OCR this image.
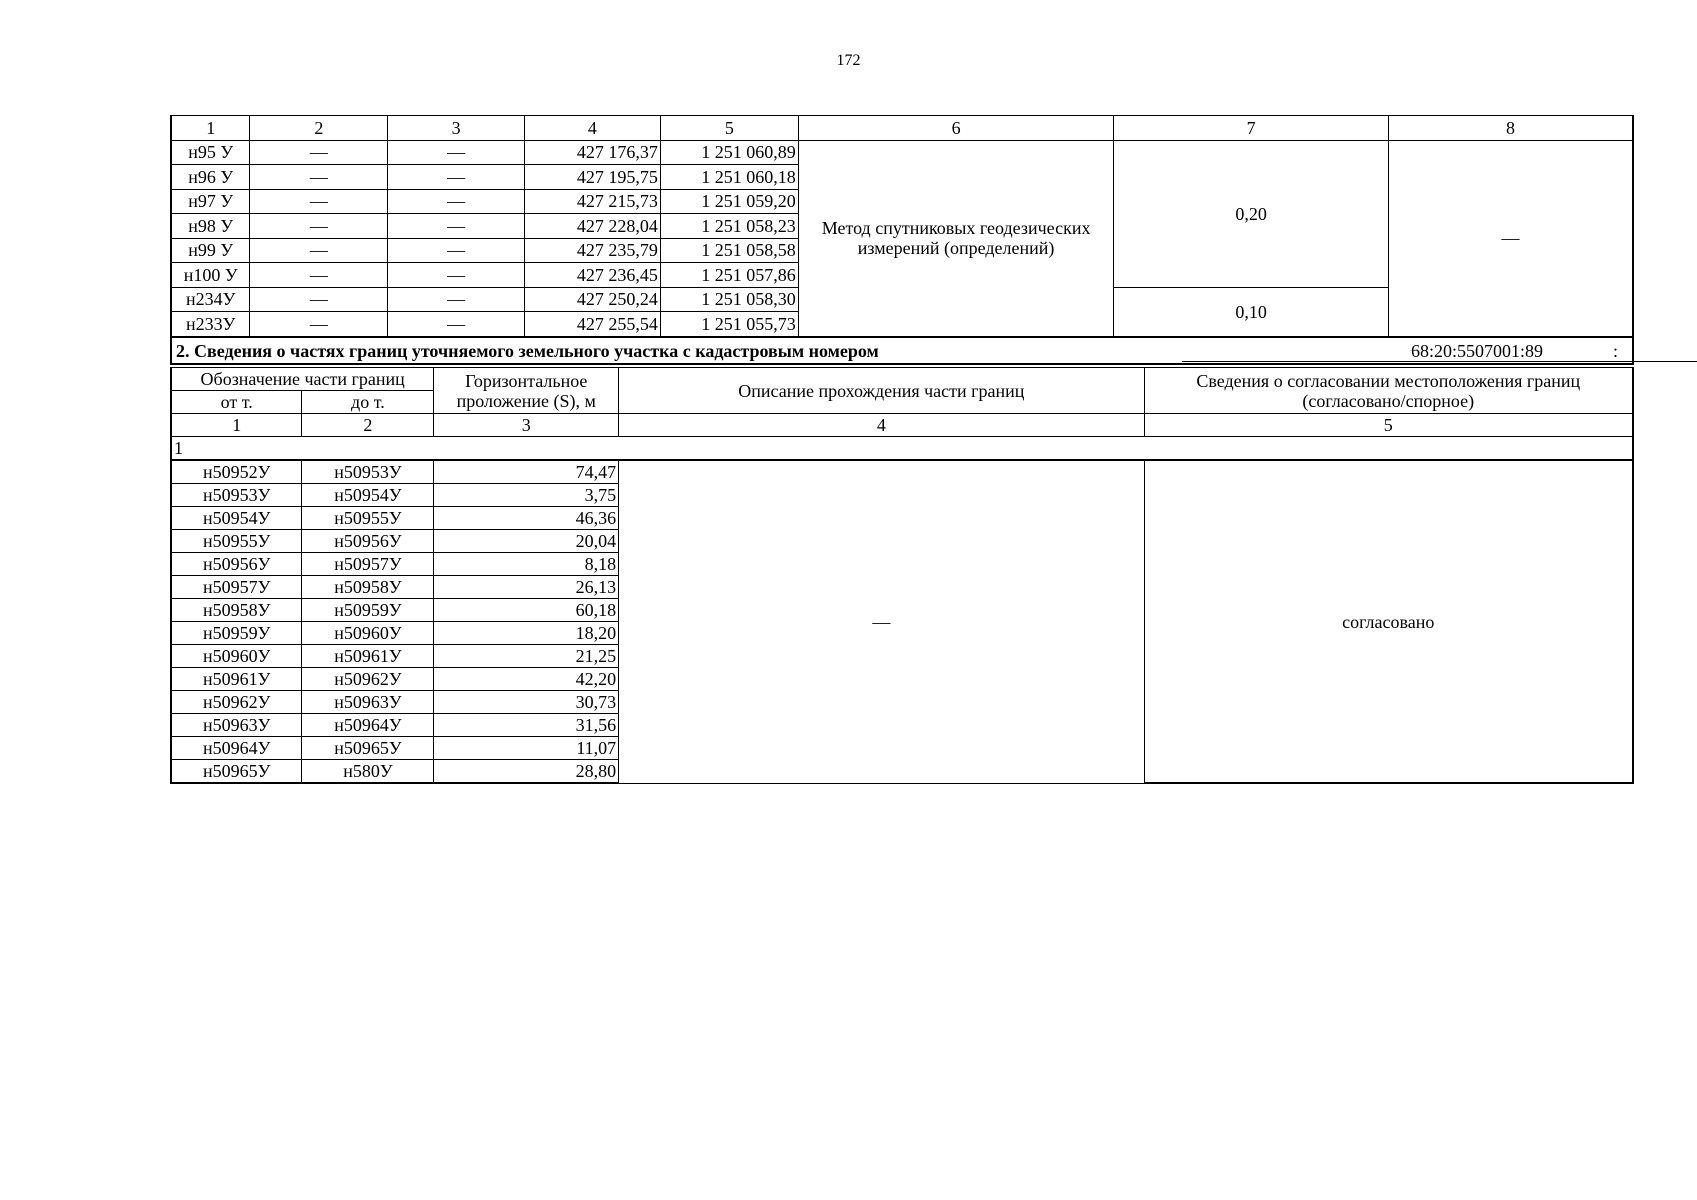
172
1	2	3	4	5	6	7	8
н95 У	—	—	427 176,37	1 251 060,89	Метод спутниковых геодезических измерений (определений)	0,20	—
н96 У	—	—	427 195,75	1 251 060,18			
н97 У	—	—	427 215,73	1 251 059,20			
н98 У	—	—	427 228,04	1 251 058,23			
н99 У	—	—	427 235,79	1 251 058,58			
н100 У	—	—	427 236,45	1 251 057,86			
н234У	—	—	427 250,24	1 251 058,30		0,10	
н233У	—	—	427 255,54	1 251 055,73			
2. Сведения о частях границ уточняемого земельного участка с кадастровым номером	68:20:5507001:89	:
Обозначение части границ		Горизонтальное проложение (S), м	Описание прохождения части границ	Сведения о согласовании местоположения границ (согласовано/спорное)
от т.	до т.			
1	2	3	4	5
1				
н50952У	н50953У	74,47	—	согласовано
н50953У	н50954У	3,75		
н50954У	н50955У	46,36		
н50955У	н50956У	20,04		
н50956У	н50957У	8,18		
н50957У	н50958У	26,13		
н50958У	н50959У	60,18		
н50959У	н50960У	18,20		
н50960У	н50961У	21,25		
н50961У	н50962У	42,20		
н50962У	н50963У	30,73		
н50963У	н50964У	31,56		
н50964У	н50965У	11,07		
н50965У	н580У	28,80		
